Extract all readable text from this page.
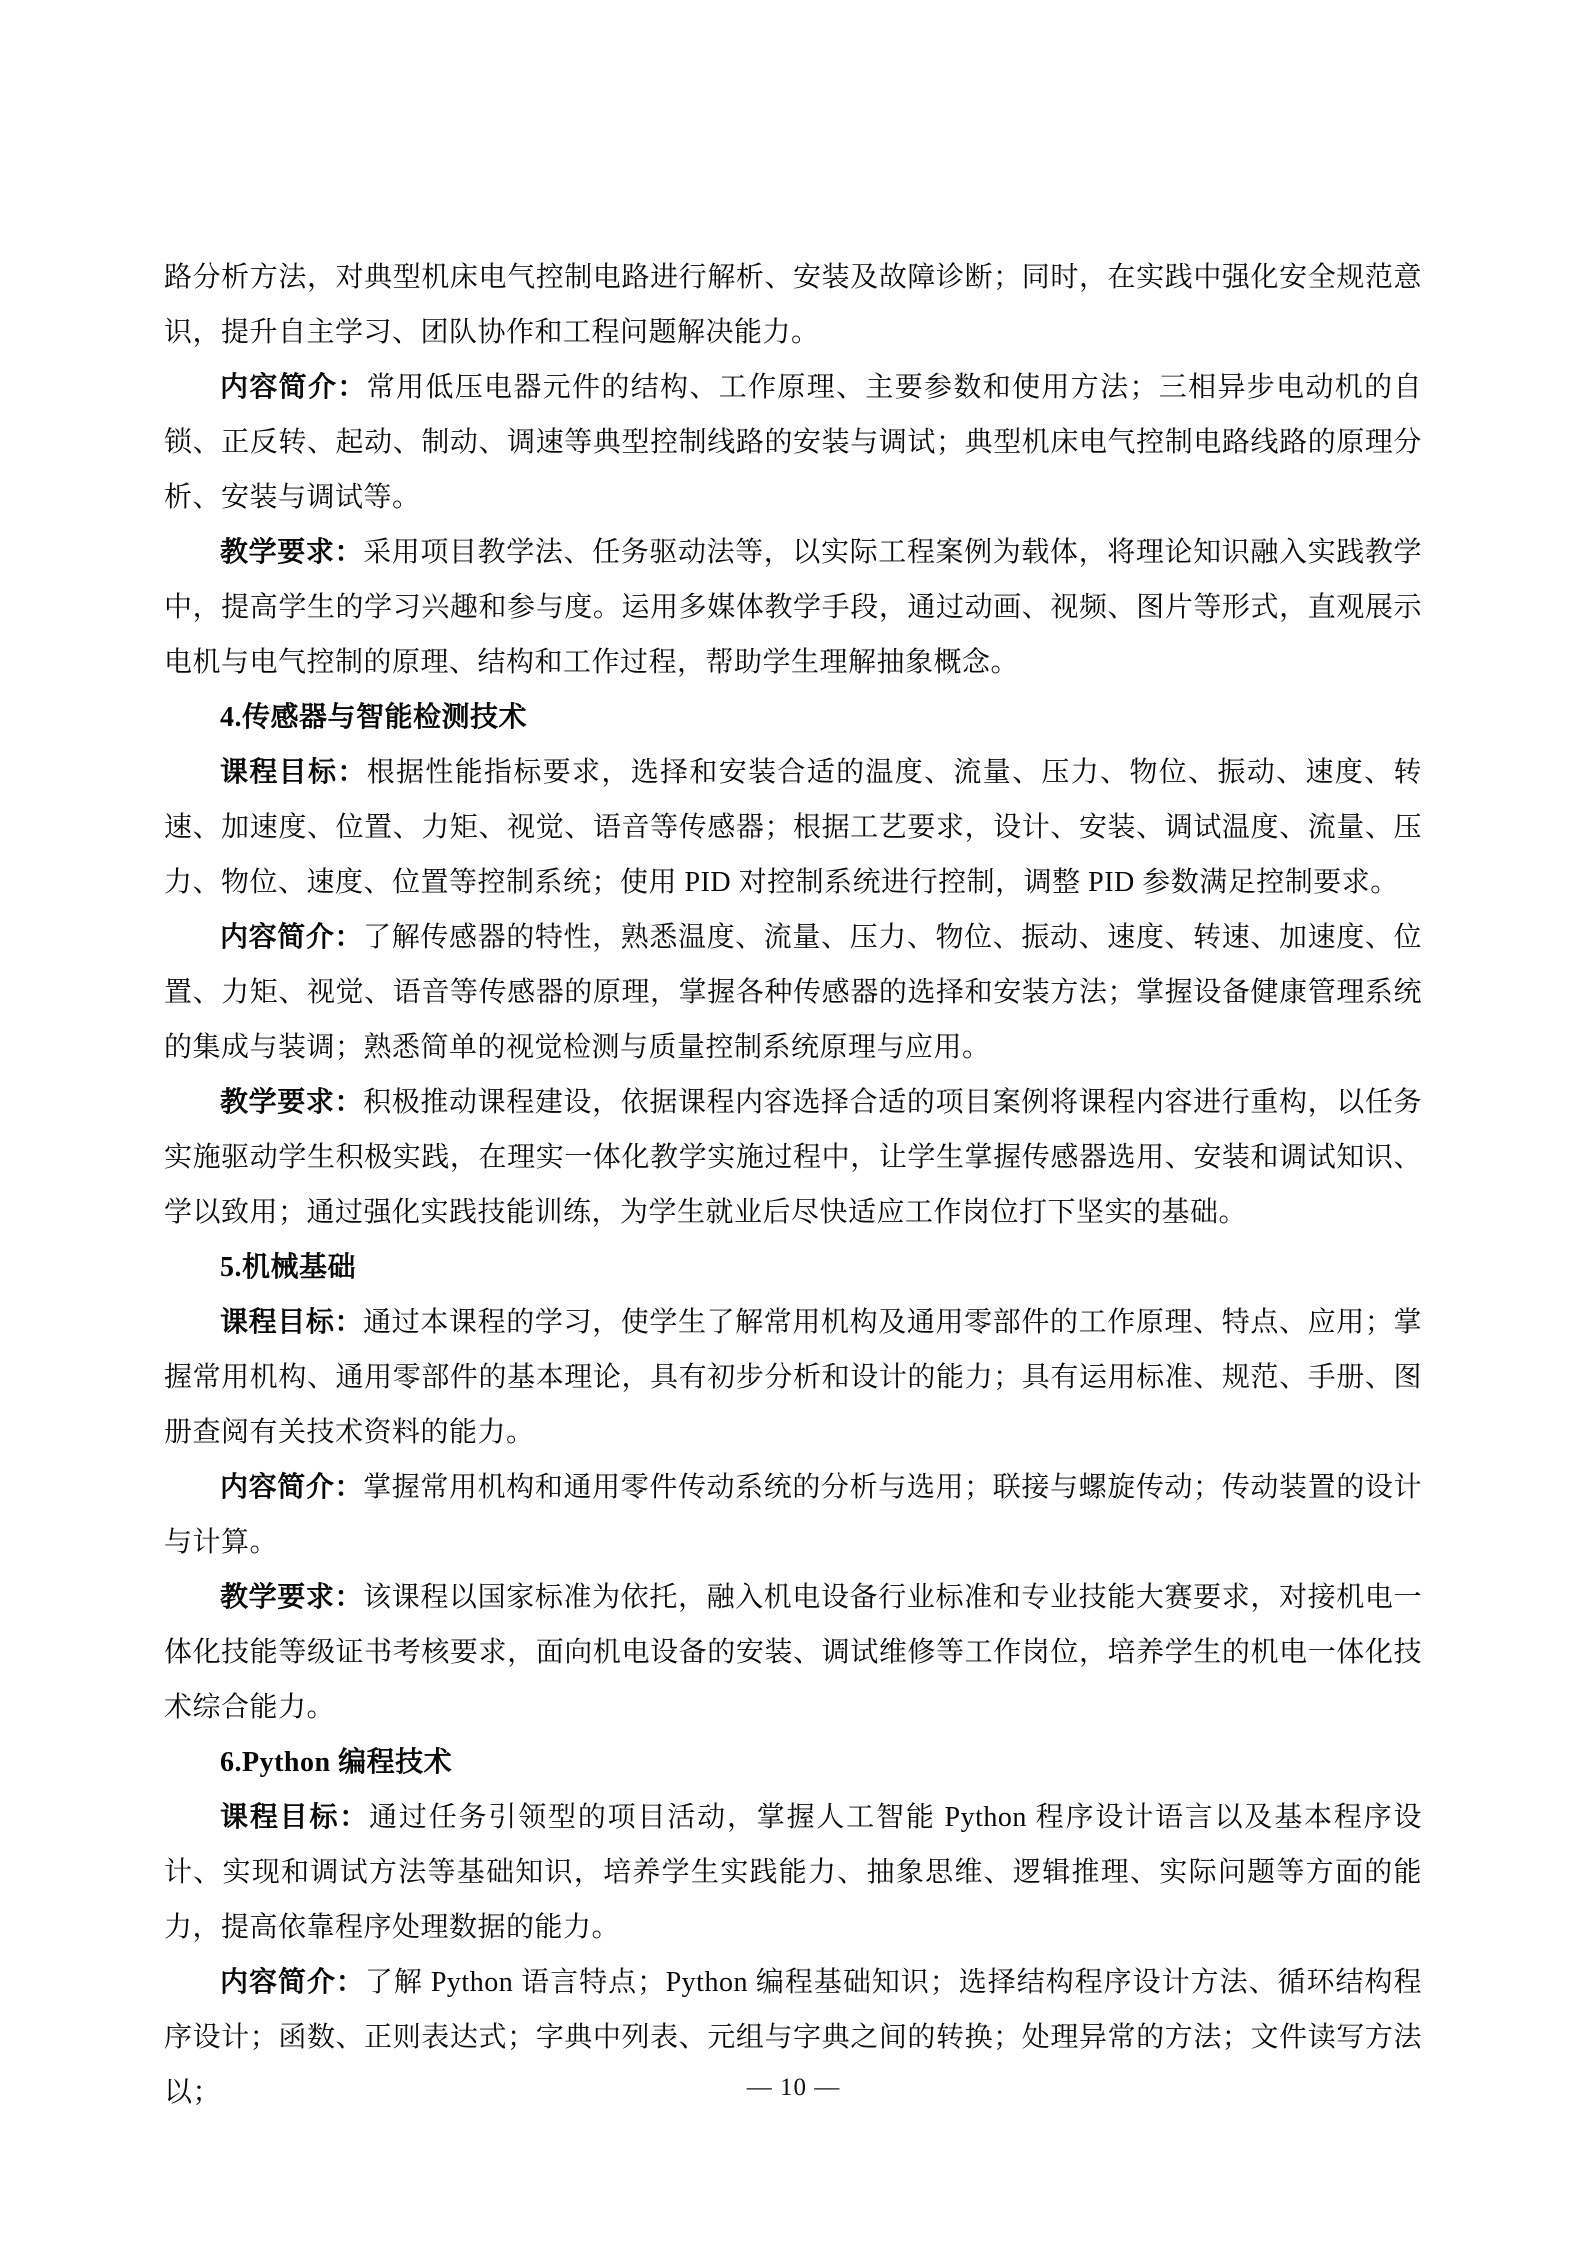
路分析方法，对典型机床电气控制电路进行解析、安装及故障诊断；同时，在实践中强化安全规范意识，提升自主学习、团队协作和工程问题解决能力。

内容简介：常用低压电器元件的结构、工作原理、主要参数和使用方法；三相异步电动机的自锁、正反转、起动、制动、调速等典型控制线路的安装与调试；典型机床电气控制电路线路的原理分析、安装与调试等。

教学要求：采用项目教学法、任务驱动法等，以实际工程案例为载体，将理论知识融入实践教学中，提高学生的学习兴趣和参与度。运用多媒体教学手段，通过动画、视频、图片等形式，直观展示电机与电气控制的原理、结构和工作过程，帮助学生理解抽象概念。

4.传感器与智能检测技术

课程目标：根据性能指标要求，选择和安装合适的温度、流量、压力、物位、振动、速度、转速、加速度、位置、力矩、视觉、语音等传感器；根据工艺要求，设计、安装、调试温度、流量、压力、物位、速度、位置等控制系统；使用 PID 对控制系统进行控制，调整 PID 参数满足控制要求。

内容简介：了解传感器的特性，熟悉温度、流量、压力、物位、振动、速度、转速、加速度、位置、力矩、视觉、语音等传感器的原理，掌握各种传感器的选择和安装方法；掌握设备健康管理系统的集成与装调；熟悉简单的视觉检测与质量控制系统原理与应用。

教学要求：积极推动课程建设，依据课程内容选择合适的项目案例将课程内容进行重构，以任务实施驱动学生积极实践，在理实一体化教学实施过程中，让学生掌握传感器选用、安装和调试知识、学以致用；通过强化实践技能训练，为学生就业后尽快适应工作岗位打下坚实的基础。

5.机械基础

课程目标：通过本课程的学习，使学生了解常用机构及通用零部件的工作原理、特点、应用；掌握常用机构、通用零部件的基本理论，具有初步分析和设计的能力；具有运用标准、规范、手册、图册查阅有关技术资料的能力。

内容简介：掌握常用机构和通用零件传动系统的分析与选用；联接与螺旋传动；传动装置的设计与计算。

教学要求：该课程以国家标准为依托，融入机电设备行业标准和专业技能大赛要求，对接机电一体化技能等级证书考核要求，面向机电设备的安装、调试维修等工作岗位，培养学生的机电一体化技术综合能力。

6.Python 编程技术

课程目标：通过任务引领型的项目活动，掌握人工智能 Python 程序设计语言以及基本程序设计、实现和调试方法等基础知识，培养学生实践能力、抽象思维、逻辑推理、实际问题等方面的能力，提高依靠程序处理数据的能力。

内容简介：了解 Python 语言特点；Python 编程基础知识；选择结构程序设计方法、循环结构程序设计；函数、正则表达式；字典中列表、元组与字典之间的转换；处理异常的方法；文件读写方法以；	— 10 —
